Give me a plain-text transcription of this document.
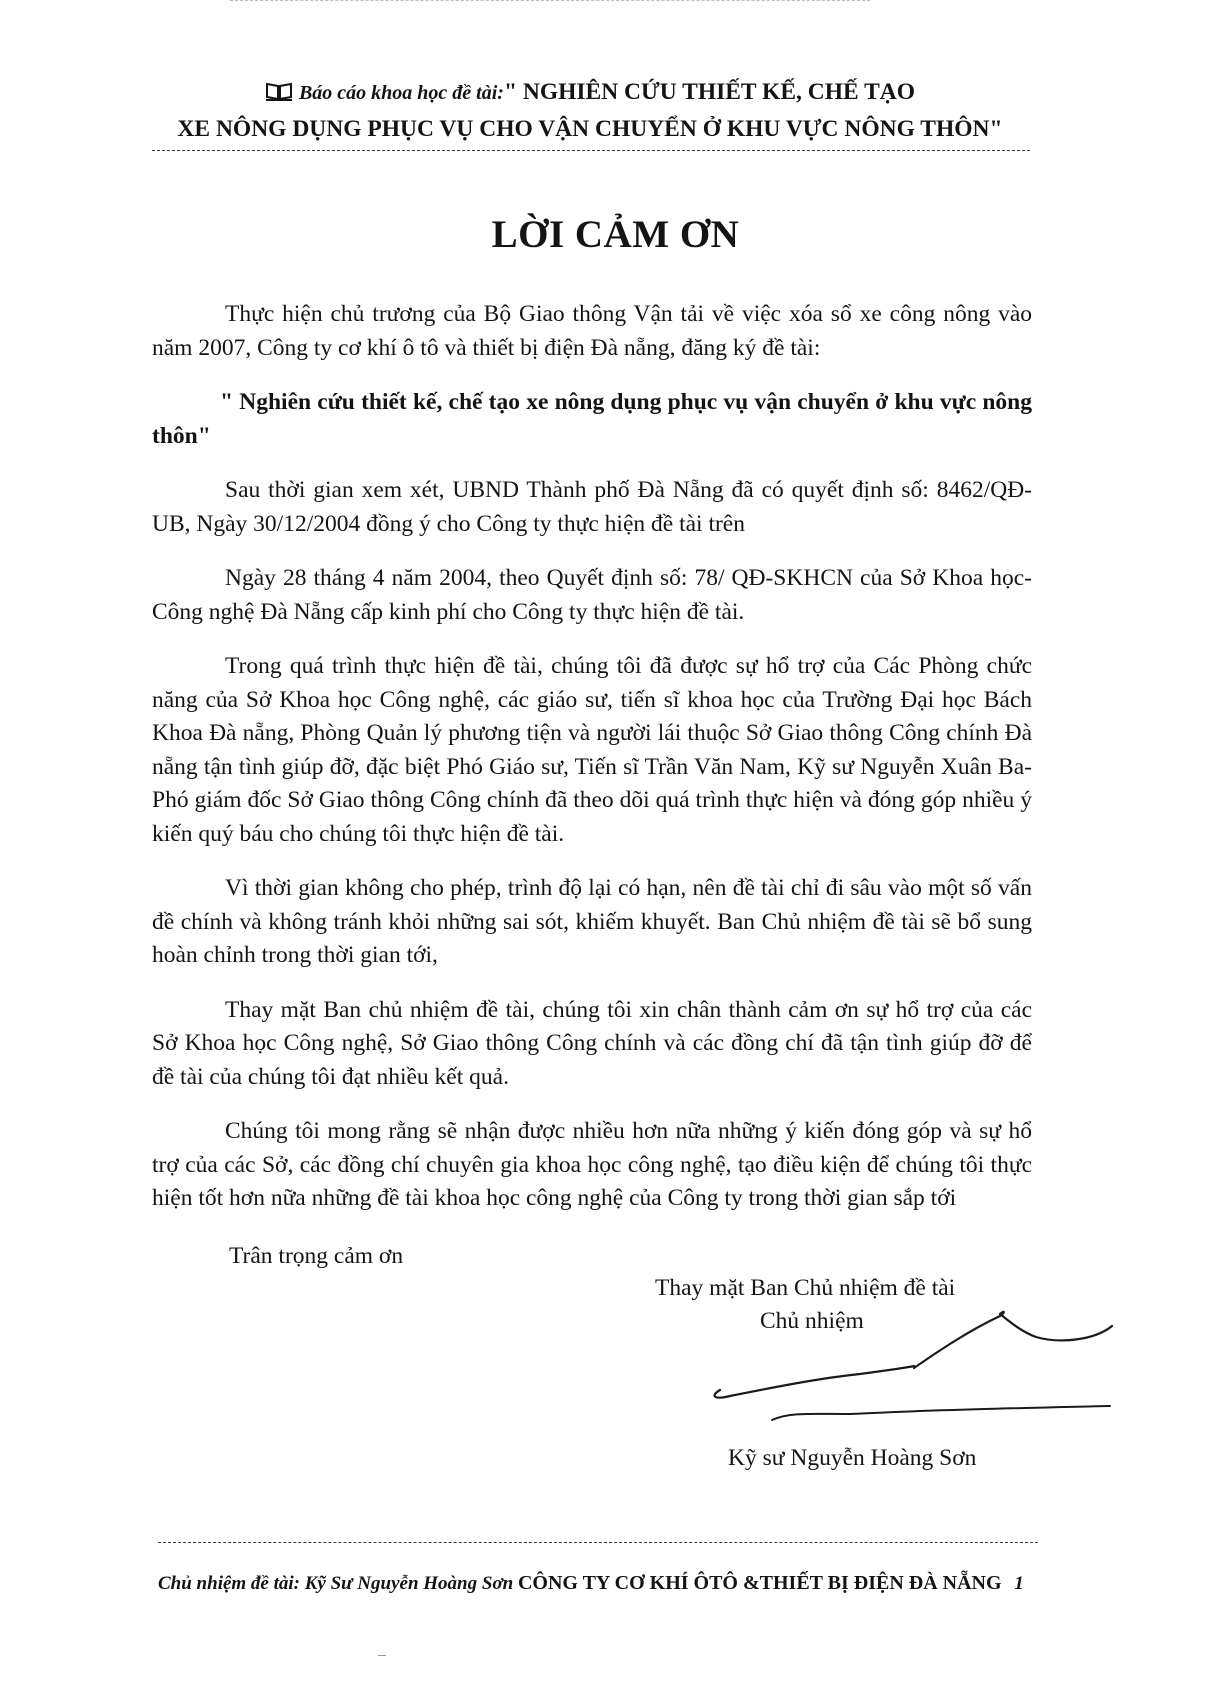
Báo cáo khoa học đề tài:" NGHIÊN CỨU THIẾT KẾ, CHẾ TẠO
XE NÔNG DỤNG PHỤC VỤ CHO VẬN CHUYỂN Ở KHU VỰC NÔNG THÔN"
LỜI CẢM ƠN

Thực hiện chủ trương của Bộ Giao thông Vận tải về việc xóa sổ xe công nông vào năm 2007, Công ty cơ khí ô tô và thiết bị điện Đà nẵng, đăng ký đề tài:

" Nghiên cứu thiết kế, chế tạo xe nông dụng phục vụ vận chuyển ở khu vực nông thôn"

Sau thời gian xem xét, UBND Thành phố Đà Nẵng đã có quyết định số: 8462/QĐ-UB, Ngày 30/12/2004 đồng ý cho Công ty thực hiện đề tài trên

Ngày 28 tháng 4 năm 2004, theo Quyết định số: 78/ QĐ-SKHCN của Sở Khoa học- Công nghệ Đà Nẵng cấp kinh phí cho Công ty thực hiện đề tài.

Trong quá trình thực hiện đề tài, chúng tôi đã được sự hổ trợ của Các Phòng chức năng của Sở Khoa học Công nghệ, các giáo sư, tiến sĩ khoa học của Trường Đại học Bách Khoa Đà nẵng, Phòng Quản lý phương tiện và người lái thuộc Sở Giao thông Công chính Đà nẵng tận tình giúp đỡ, đặc biệt Phó Giáo sư, Tiến sĩ Trần Văn Nam, Kỹ sư Nguyễn Xuân Ba- Phó giám đốc Sở Giao thông Công chính đã theo dõi quá trình thực hiện và đóng góp nhiều ý kiến quý báu cho chúng tôi thực hiện đề tài.

Vì thời gian không cho phép, trình độ lại có hạn, nên đề tài chỉ đi sâu vào một số vấn đề chính và không tránh khỏi những sai sót, khiếm khuyết. Ban Chủ nhiệm đề tài sẽ bổ sung hoàn chỉnh trong thời gian tới,

Thay mặt Ban chủ nhiệm đề tài, chúng tôi xin chân thành cảm ơn sự hổ trợ của các Sở Khoa học Công nghệ, Sở Giao thông Công chính và các đồng chí đã tận tình giúp đỡ để đề tài của chúng tôi đạt nhiều kết quả.

Chúng tôi mong rằng sẽ nhận được nhiều hơn nữa những ý kiến đóng góp và sự hổ trợ của các Sở, các đồng chí chuyên gia khoa học công nghệ, tạo điều kiện để chúng tôi thực hiện tốt hơn nữa những đề tài khoa học công nghệ của Công ty trong thời gian sắp tới

Trân trọng cảm ơn
Thay mặt Ban Chủ nhiệm đề tài
Chủ nhiệm
Kỹ sư Nguyễn Hoàng Sơn
Chủ nhiệm đề tài: Kỹ Sư Nguyễn Hoàng Sơn CÔNG TY CƠ KHÍ ÔTÔ &THIẾT BỊ ĐIỆN ĐÀ NẴNG 1
